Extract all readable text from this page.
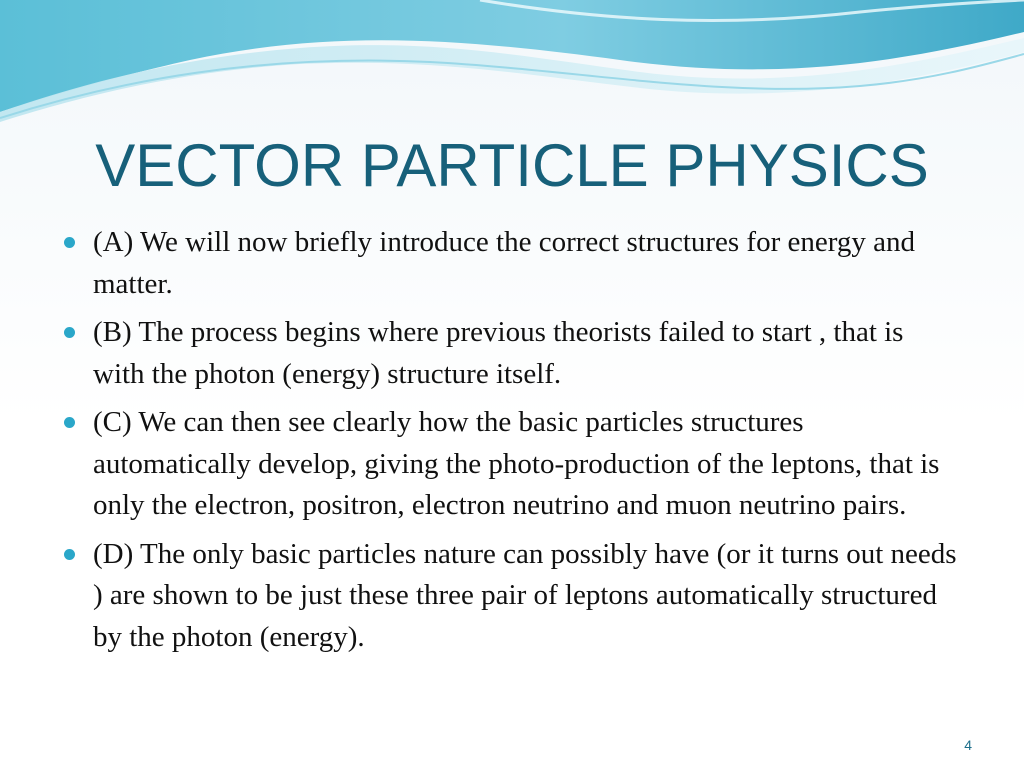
VECTOR PARTICLE PHYSICS
(A) We will now briefly introduce the correct structures for energy and matter.
(B) The process begins where previous theorists failed to start , that is with the photon (energy) structure itself.
(C) We can then see clearly how the basic particles structures automatically develop, giving the photo-production of the leptons, that is only the electron, positron, electron neutrino and muon neutrino pairs.
(D) The only basic particles nature can possibly have (or it turns out needs ) are shown to be just these three pair of leptons automatically structured by the photon (energy).
4
